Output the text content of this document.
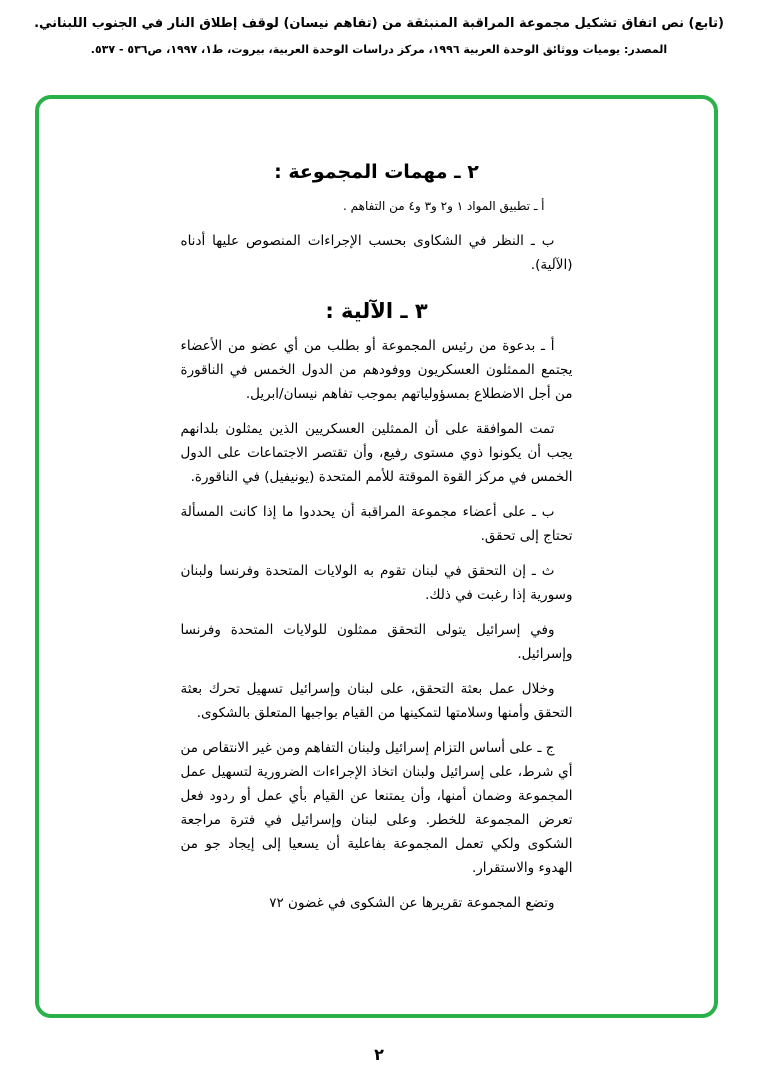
(تابع) نص اتفاق تشكيل مجموعة المراقبة المنبثقة من (تفاهم نيسان) لوقف إطلاق النار في الجنوب اللبناني.
المصدر: يوميات ووثائق الوحدة العربية ١٩٩٦، مركز دراسات الوحدة العربية، بيروت، ط١، ١٩٩٧، ص٥٣٦ - ٥٣٧.
٢ ـ مهمات المجموعة :

أ ـ تطبيق المواد ١ و٢ و٣ و٤ من التفاهم .

ب ـ النظر في الشكاوى بحسب الإجراءات المنصوص عليها أدناه (الآلية).

٣ ـ الآلية :

أ ـ بدعوة من رئيس المجموعة أو بطلب من أي عضو من الأعضاء يجتمع الممثلون العسكريون ووفودهم من الدول الخمس في الناقورة من أجل الاضطلاع بمسؤولياتهم بموجب تفاهم نيسان/ابريل.

تمت الموافقة على أن الممثلين العسكريين الذين يمثلون بلدانهم يجب أن يكونوا ذوي مستوى رفيع، وأن تقتصر الاجتماعات على الدول الخمس في مركز القوة الموقتة للأمم المتحدة (يونيفيل) في الناقورة.

ب ـ على أعضاء مجموعة المراقبة أن يحددوا ما إذا كانت المسألة تحتاج إلى تحقق.

ث ـ إن التحقق في لبنان تقوم به الولايات المتحدة وفرنسا ولبنان وسورية إذا رغبت في ذلك.

وفي إسرائيل يتولى التحقق ممثلون للولايات المتحدة وفرنسا وإسرائيل.

وخلال عمل بعثة التحقق، على لبنان وإسرائيل تسهيل تحرك بعثة التحقق وأمنها وسلامتها لتمكينها من القيام بواجبها المتعلق بالشكوى.

ج ـ على أساس التزام إسرائيل ولبنان التفاهم ومن غير الانتقاص من أي شرط، على إسرائيل ولبنان اتخاذ الإجراءات الضرورية لتسهيل عمل المجموعة وضمان أمنها، وأن يمتنعا عن القيام بأي عمل أو ردود فعل تعرض المجموعة للخطر. وعلى لبنان وإسرائيل في فترة مراجعة الشكوى ولكي تعمل المجموعة بفاعلية أن يسعيا إلى إيجاد جو من الهدوء والاستقرار.

وتضع المجموعة تقريرها عن الشكوى في غضون ٧٢

٢
